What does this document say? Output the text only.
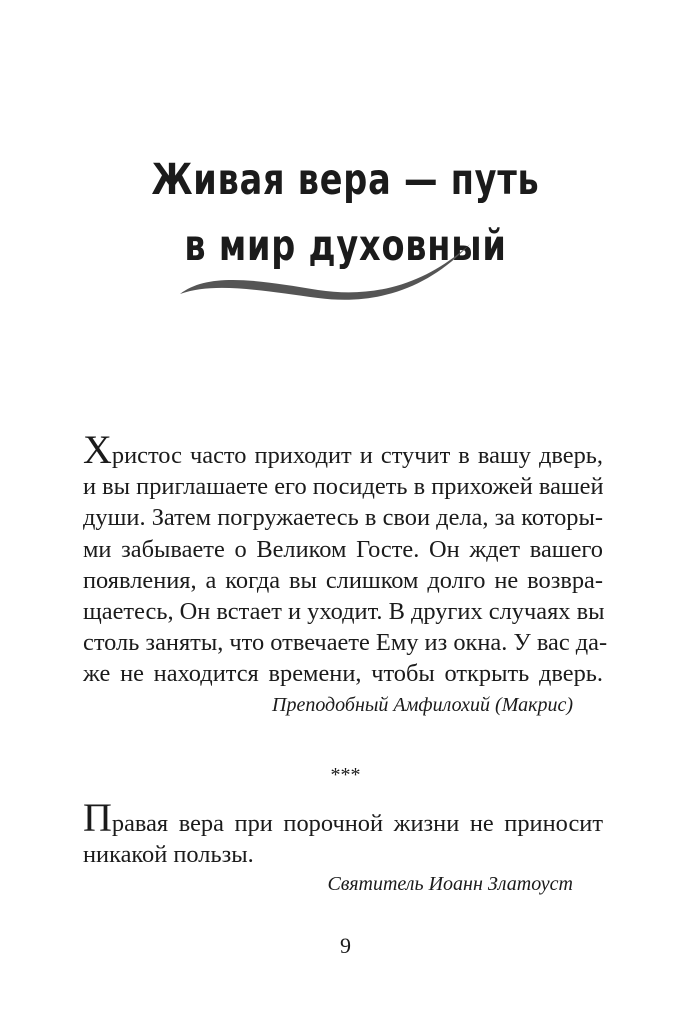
Живая вера — путь
в мир духовный
Христос часто приходит и стучит в вашу дверь,
и вы приглашаете его посидеть в прихожей вашей
души. Затем погружаетесь в свои дела, за которы-
ми забываете о Великом Госте. Он ждет вашего
появления, а когда вы слишком долго не возвра-
щаетесь, Он встает и уходит. В других случаях вы
столь заняты, что отвечаете Ему из окна. У вас да-
же не находится времени, чтобы открыть дверь.
Преподобный Амфилохий (Макрис)
***
Правая вера при порочной жизни не приносит
никакой пользы.
Святитель Иоанн Златоуст
9
